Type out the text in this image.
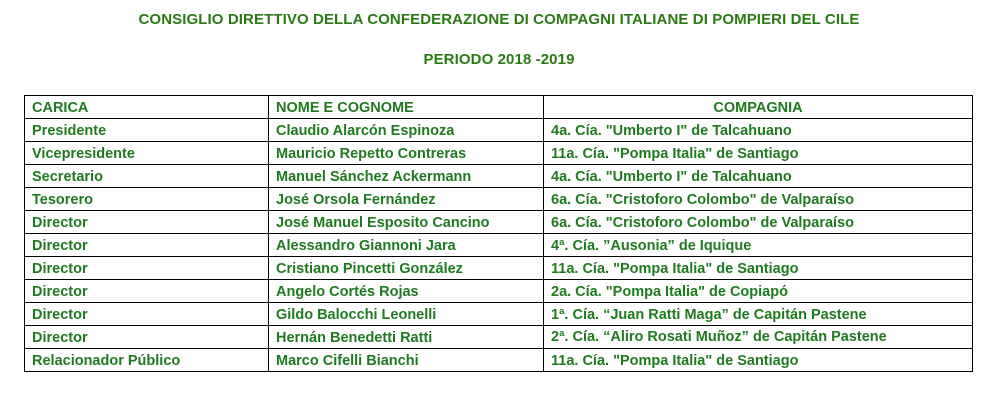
CONSIGLIO DIRETTIVO DELLA CONFEDERAZIONE DI COMPAGNI ITALIANE DI POMPIERI DEL CILE
PERIODO 2018 -2019
CARICA	NOME E COGNOME	COMPAGNIA
Presidente	Claudio Alarcón Espinoza	4a. Cía. "Umberto I" de Talcahuano
Vicepresidente	Mauricio Repetto Contreras	11a. Cía. "Pompa Italia" de Santiago
Secretario	Manuel Sánchez Ackermann	4a. Cía. "Umberto I" de Talcahuano
Tesorero	José Orsola Fernández	6a. Cía. "Cristoforo Colombo" de Valparaíso
Director	José Manuel Esposito Cancino	6a. Cía. "Cristoforo Colombo" de Valparaíso
Director	Alessandro Giannoni Jara	4ª. Cía. ”Ausonia” de Iquique
Director	Cristiano Pincetti González	11a. Cía. "Pompa Italia" de Santiago
Director	Angelo Cortés Rojas	2a. Cía. "Pompa Italia" de Copiapó
Director	Gildo Balocchi Leonelli	1ª. Cía. “Juan Ratti Maga” de Capitán Pastene
Director	Hernán Benedetti Ratti	2ª. Cía. “Aliro Rosati Muñoz” de Capitán Pastene
Relacionador Público	Marco Cifelli Bianchi	11a. Cía. "Pompa Italia" de Santiago
